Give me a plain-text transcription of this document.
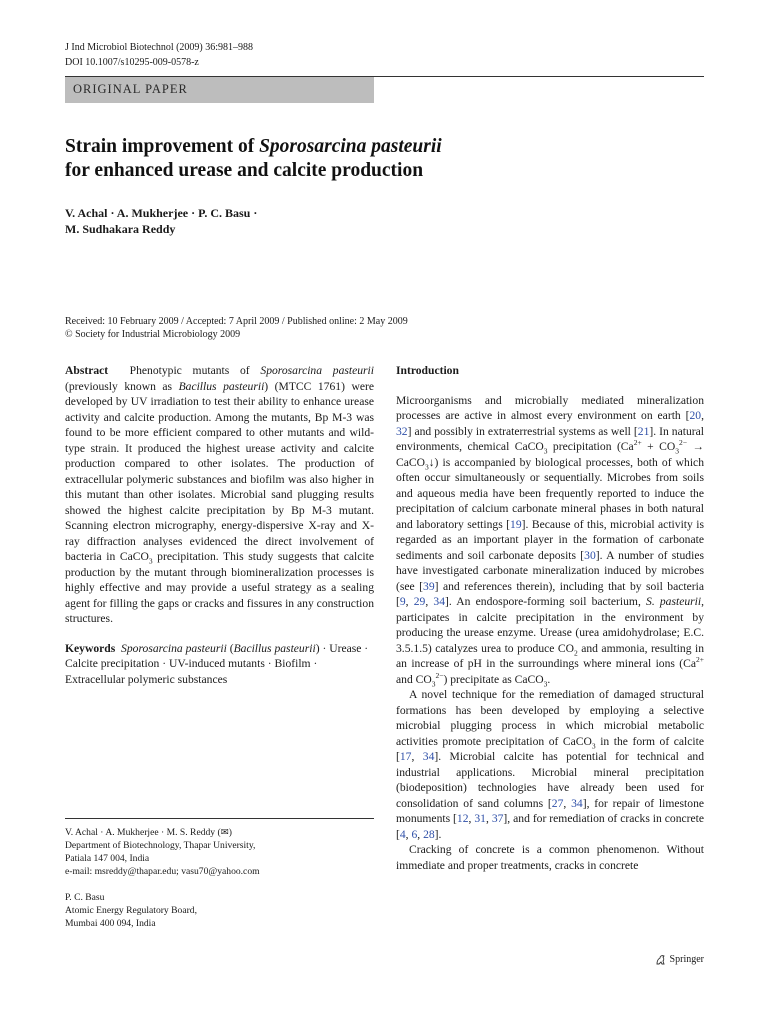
J Ind Microbiol Biotechnol (2009) 36:981–988
DOI 10.1007/s10295-009-0578-z
ORIGINAL PAPER
Strain improvement of Sporosarcina pasteurii
for enhanced urease and calcite production
V. Achal · A. Mukherjee · P. C. Basu ·
M. Sudhakara Reddy
Received: 10 February 2009 / Accepted: 7 April 2009 / Published online: 2 May 2009
© Society for Industrial Microbiology 2009

Abstract Phenotypic mutants of Sporosarcina pasteurii (previously known as Bacillus pasteurii) (MTCC 1761) were developed by UV irradiation to test their ability to enhance urease activity and calcite production. Among the mutants, Bp M-3 was found to be more efficient compared to other mutants and wild-type strain. It produced the highest urease activity and calcite production compared to other isolates. The production of extracellular polymeric substances and biofilm was also higher in this mutant than other isolates. Microbial sand plugging results showed the highest calcite precipitation by Bp M-3 mutant. Scanning electron micrography, energy-dispersive X-ray and X-ray diffraction analyses evidenced the direct involvement of bacteria in CaCO$_3$ precipitation. This study suggests that calcite production by the mutant through biomineralization processes is highly effective and may provide a useful strategy as a sealing agent for filling the gaps or cracks and fissures in any construction structures.

Keywords Sporosarcina pasteurii (Bacillus pasteurii) · Urease · Calcite precipitation · UV-induced mutants · Biofilm · Extracellular polymeric substances

V. Achal · A. Mukherjee · M. S. Reddy (✉)
Department of Biotechnology, Thapar University,
Patiala 147 004, India
e-mail: msreddy@thapar.edu; vasu70@yahoo.com
P. C. Basu
Atomic Energy Regulatory Board,
Mumbai 400 094, India

Introduction

Microorganisms and microbially mediated mineralization processes are active in almost every environment on earth [20, 32] and possibly in extraterrestrial systems as well [21]. In natural environments, chemical CaCO$_3$ precipitation ($Ca^{2+} + CO_3^{2-}$ → CaCO$_3$↓) is accompanied by biological processes, both of which often occur simultaneously or sequentially. Microbes from soils and aqueous media have been frequently reported to induce the precipitation of calcium carbonate mineral phases in both natural and laboratory settings [19]. Because of this, microbial activity is regarded as an important player in the formation of carbonate sediments and soil carbonate deposits [30]. A number of studies have investigated carbonate mineralization induced by microbes (see [39] and references therein), including that by soil bacteria [9, 29, 34]. An endospore-forming soil bacterium, S. pasteurii, participates in calcite precipitation in the environment by producing the urease enzyme. Urease (urea amidohydrolase; E.C. 3.5.1.5) catalyzes urea to produce $CO_2$ and ammonia, resulting in an increase of pH in the surroundings where mineral ions ($Ca^{2+}$ and $CO_3^{2-}$) precipitate as CaCO$_3$.

A novel technique for the remediation of damaged structural formations has been developed by employing a selective microbial plugging process in which microbial metabolic activities promote precipitation of CaCO$_3$ in the form of calcite [17, 34]. Microbial calcite has potential for technical and industrial applications. Microbial mineral precipitation (biodeposition) technologies have already been used for consolidation of sand columns [27, 34], for repair of limestone monuments [12, 31, 37], and for remediation of cracks in concrete [4, 6, 28].

Cracking of concrete is a common phenomenon. Without immediate and proper treatments, cracks in concrete

Springer
